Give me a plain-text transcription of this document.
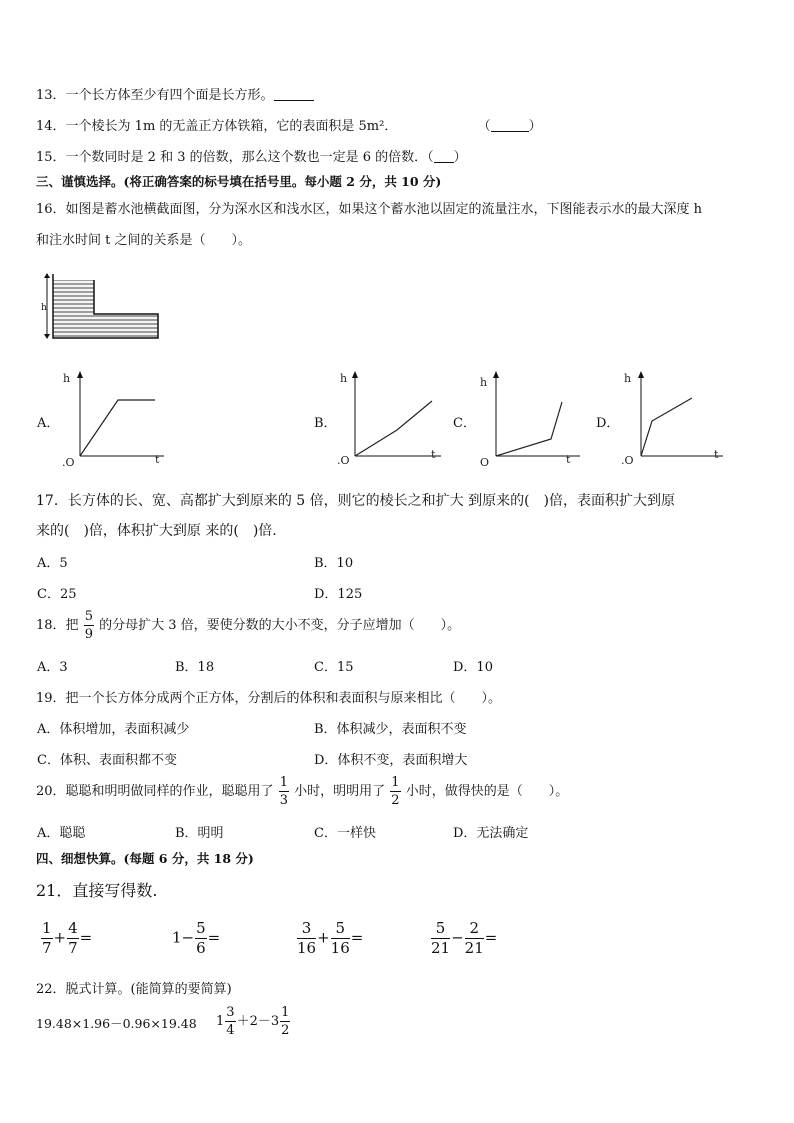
13．一个长方体至少有四个面是长方形。
14．一个棱长为 1m 的无盖正方体铁箱，它的表面积是 5m²．	（	）
15．一个数同时是 2 和 3 的倍数，那么这个数也一定是 6 的倍数．（ ）
三、谨慎选择。(将正确答案的标号填在括号里。每小题 2 分，共 10 分)
16．如图是蓄水池横截面图，分为深水区和浅水区，如果这个蓄水池以固定的流量注水，下图能表示水的最大深度 h
和注水时间 t 之间的关系是（　　）。
h
A．
h
t
.O
B．
h
t
.O
C．
h
t
O
D．
h
t
.O
17．长方体的长、宽、高都扩大到原来的 5 倍，则它的棱长之和扩大 到原来的(　)倍，表面积扩大到原
来的(　)倍，体积扩大到原 来的(　)倍.
A．5	B．10
C．25	D．125
18．把 $\frac{5}{9}$ 的分母扩大 3 倍，要使分数的大小不变，分子应增加（　　）。
A．3	B．18	C．15	D．10
19．把一个长方体分成两个正方体，分割后的体积和表面积与原来相比（　　）。
A．体积增加，表面积减少	B．体积减少，表面积不变
C．体积、表面积都不变	D．体积不变，表面积增大
20．聪聪和明明做同样的作业，聪聪用了 $\frac{1}{3}$ 小时，明明用了 $\frac{1}{2}$ 小时，做得快的是（　　）。
A．聪聪	B．明明	C．一样快	D．无法确定
四、细想快算。(每题 6 分，共 18 分)
21．直接写得数.
$\frac{1}{7} + \frac{4}{7}$ =	$1- \frac{5}{6}$ =	$\frac{3}{16} + \frac{5}{16}$ =	$\frac{5}{21} - \frac{2}{21}$ =
22．脱式计算。(能简算的要简算)
19.48×1.96－0.96×19.48 $1 \frac{3}{4} +2-3 \frac{1}{2}$
